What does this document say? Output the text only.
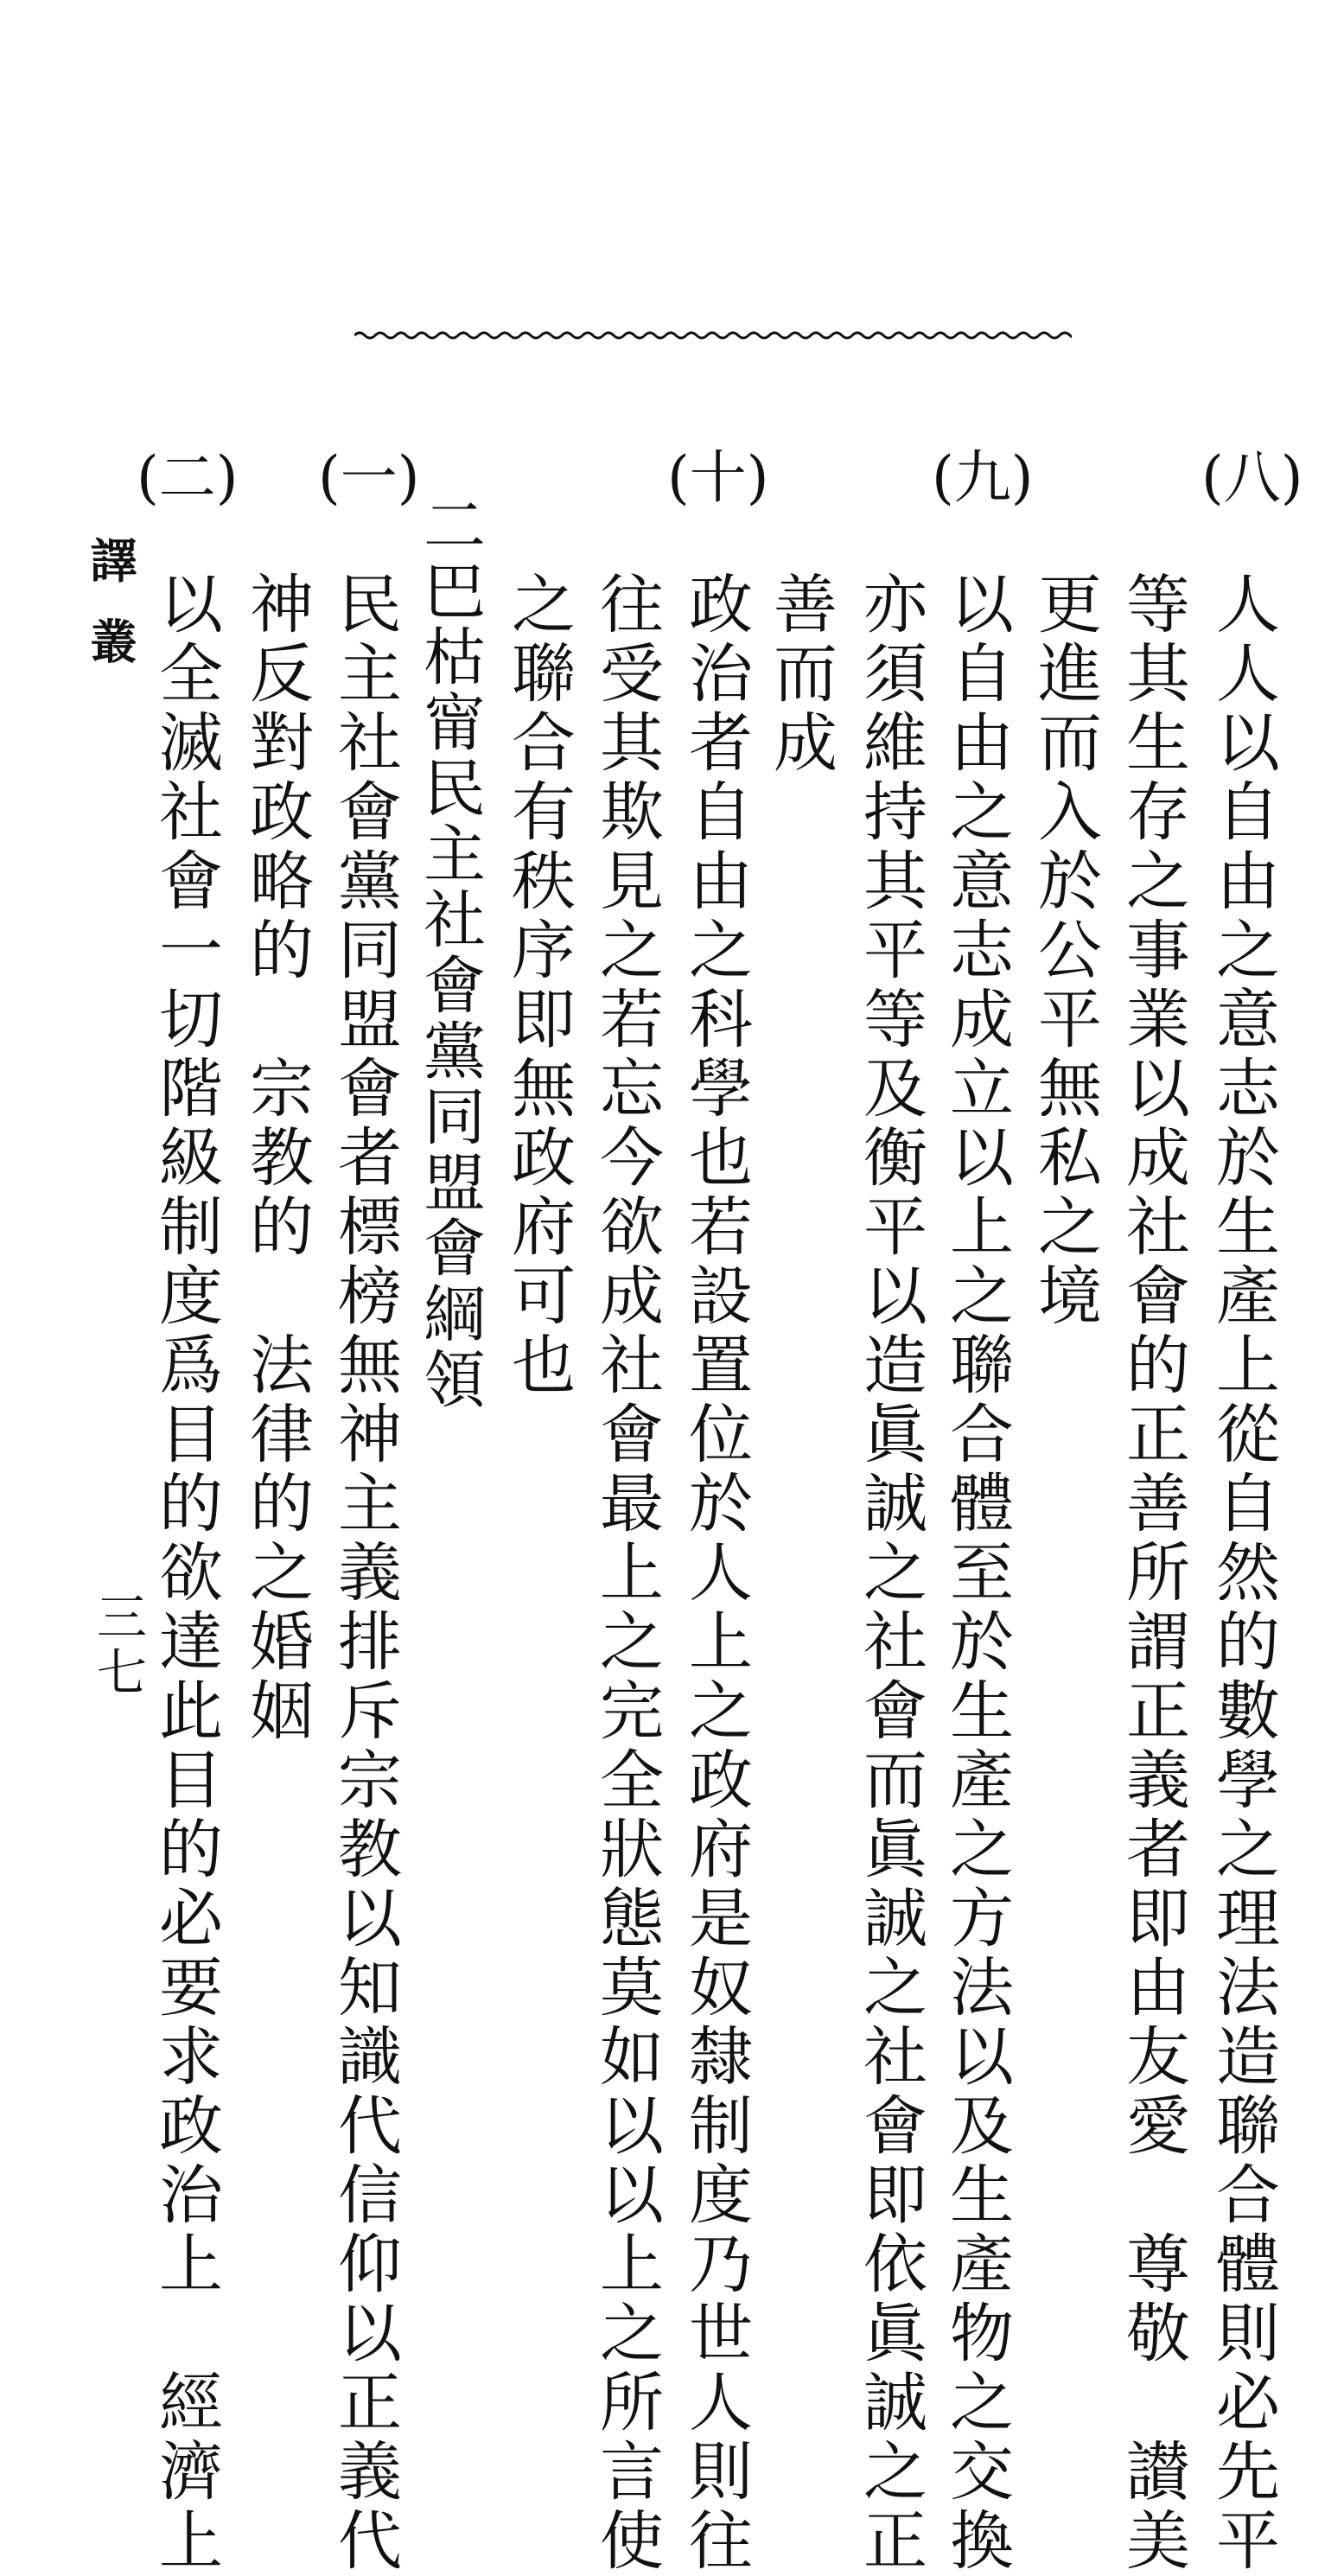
(八)
人人以自由之意志於生產上從自然的數學之理法造聯合體則必先平
等其生存之事業以成社會的正善所謂正義者即由友愛　尊敬　讃美
更進而入於公平無私之境
(九)
以自由之意志成立以上之聯合體至於生產之方法以及生產物之交換
亦須維持其平等及衡平以造眞誠之社會而眞誠之社會即依眞誠之正
善而成
(十)
政治者自由之科學也若設置位於人上之政府是奴隸制度乃世人則往
往受其欺見之若忘今欲成社會最上之完全狀態莫如以以上之所言使
之聯合有秩序即無政府可也
二巴枯甯民主社會黨同盟會綱領
(一)
民主社會黨同盟會者標榜無神主義排斥宗教以知識代信仰以正義代
神反對政略的　宗教的　法律的之婚姻
(二)
以全滅社會一切階級制度爲目的欲達此目的必要求政治上　經濟上
譯叢
三七
